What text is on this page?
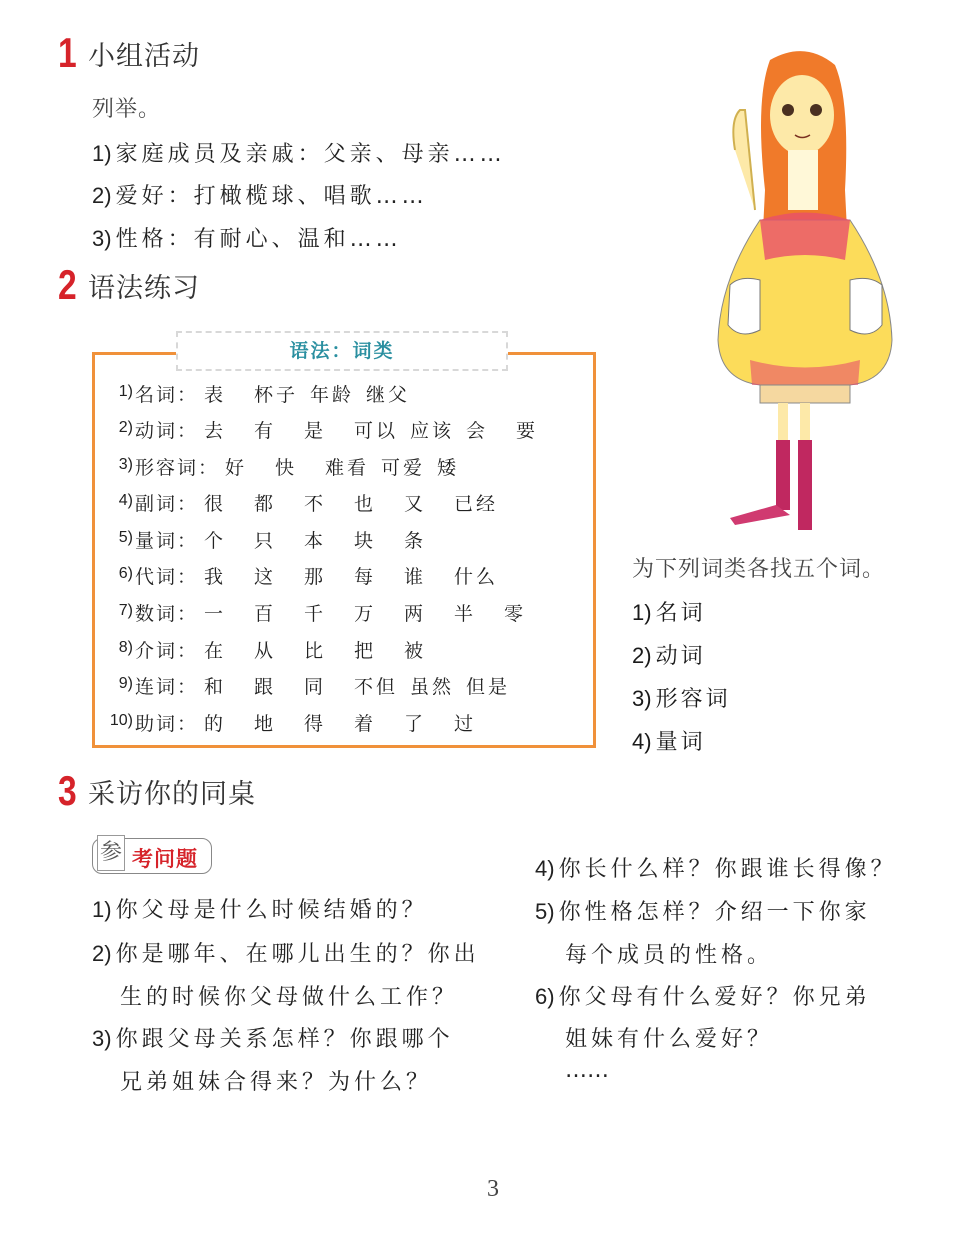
1 小组活动
列举。
1) 家庭成员及亲戚：父亲、母亲……
2) 爱好：打橄榄球、唱歌……
3) 性格：有耐心、温和……
2 语法练习
语法：词类
1) 名词： 表	杯子 年龄 继父
2) 动词： 去	有	是	可以 应该 会	要
3) 形容词： 好	快	难看 可爱 矮
4) 副词： 很	都	不	也	又	已经
5) 量词： 个	只	本	块	条
6) 代词： 我	这	那	每	谁	什么
7) 数词： 一	百	千	万	两	半	零
8) 介词： 在	从	比	把	被
9) 连词： 和	跟	同	不但 虽然 但是
10) 助词： 的	地	得	着	了	过
为下列词类各找五个词。
1) 名词
2) 动词
3) 形容词
4) 量词
3 采访你的同桌
参 考问题
1) 你父母是什么时候结婚的？
2) 你是哪年、在哪儿出生的？你出
生的时候你父母做什么工作？
3) 你跟父母关系怎样？你跟哪个
兄弟姐妹合得来？为什么？
4) 你长什么样？你跟谁长得像？
5) 你性格怎样？介绍一下你家
每个成员的性格。
6) 你父母有什么爱好？你兄弟
姐妹有什么爱好？
……
3
